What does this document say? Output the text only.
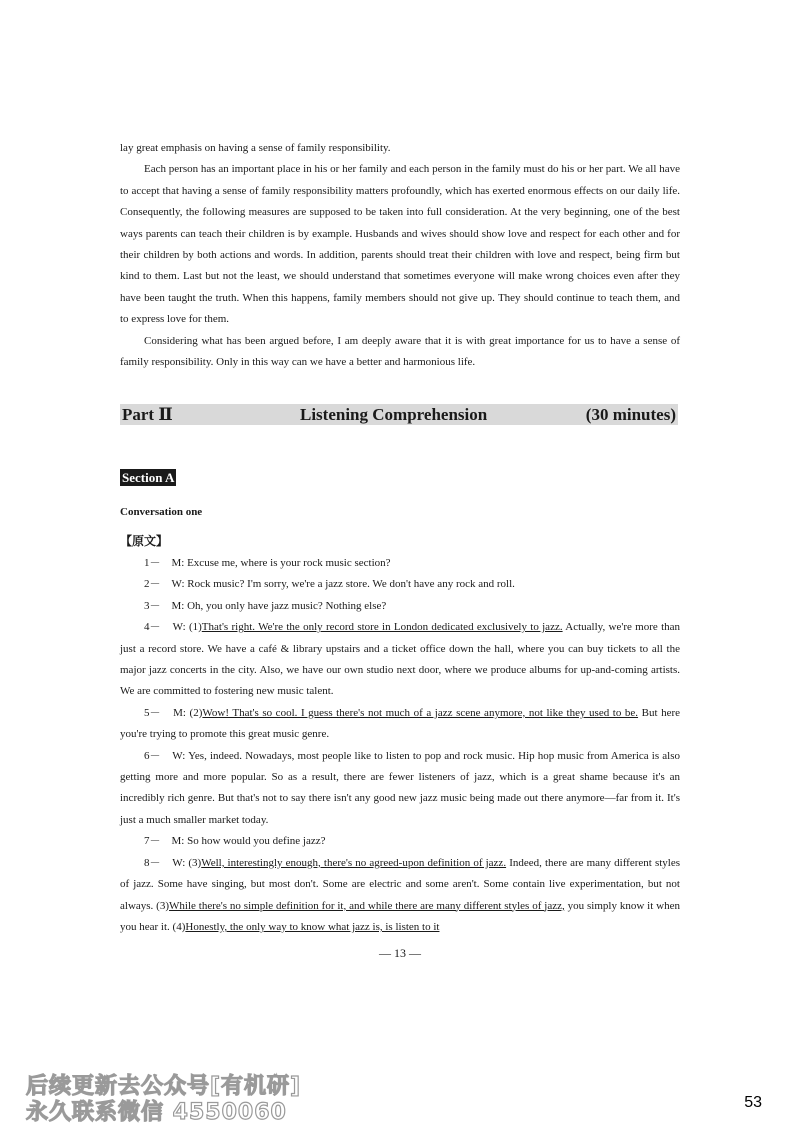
lay great emphasis on having a sense of family responsibility.

Each person has an important place in his or her family and each person in the family must do his or her part. We all have to accept that having a sense of family responsibility matters profoundly, which has exerted enormous effects on our daily life. Consequently, the following measures are supposed to be taken into full consideration. At the very beginning, one of the best ways parents can teach their children is by example. Husbands and wives should show love and respect for each other and for their children by both actions and words. In addition, parents should treat their children with love and respect, being firm but kind to them. Last but not the least, we should understand that sometimes everyone will make wrong choices even after they have been taught the truth. When this happens, family members should not give up. They should continue to teach them, and to express love for them.

Considering what has been argued before, I am deeply aware that it is with great importance for us to have a sense of family responsibility. Only in this way can we have a better and harmonious life.

Part Ⅱ	Listening Comprehension	(30 minutes)
Section A
Conversation one
【原文】

1－　M: Excuse me, where is your rock music section?

2－　W: Rock music? I'm sorry, we're a jazz store. We don't have any rock and roll.

3－　M: Oh, you only have jazz music? Nothing else?

4－　W: (1)That's right. We're the only record store in London dedicated exclusively to jazz. Actually, we're more than just a record store. We have a café & library upstairs and a ticket office down the hall, where you can buy tickets to all the major jazz concerts in the city. Also, we have our own studio next door, where we produce albums for up-and-coming artists. We are committed to fostering new music talent.

5－　M: (2)Wow! That's so cool. I guess there's not much of a jazz scene anymore, not like they used to be. But here you're trying to promote this great music genre.

6－　W: Yes, indeed. Nowadays, most people like to listen to pop and rock music. Hip hop music from America is also getting more and more popular. So as a result, there are fewer listeners of jazz, which is a great shame because it's an incredibly rich genre. But that's not to say there isn't any good new jazz music being made out there anymore—far from it. It's just a much smaller market today.

7－　M: So how would you define jazz?

8－　W: (3)Well, interestingly enough, there's no agreed-upon definition of jazz. Indeed, there are many different styles of jazz. Some have singing, but most don't. Some are electric and some aren't. Some contain live experimentation, but not always. (3)While there's no simple definition for it, and while there are many different styles of jazz, you simply know it when you hear it. (4)Honestly, the only way to know what jazz is, is listen to it

— 13 —
后续更新去公众号[有机研]
永久联系微信 4550060	53
